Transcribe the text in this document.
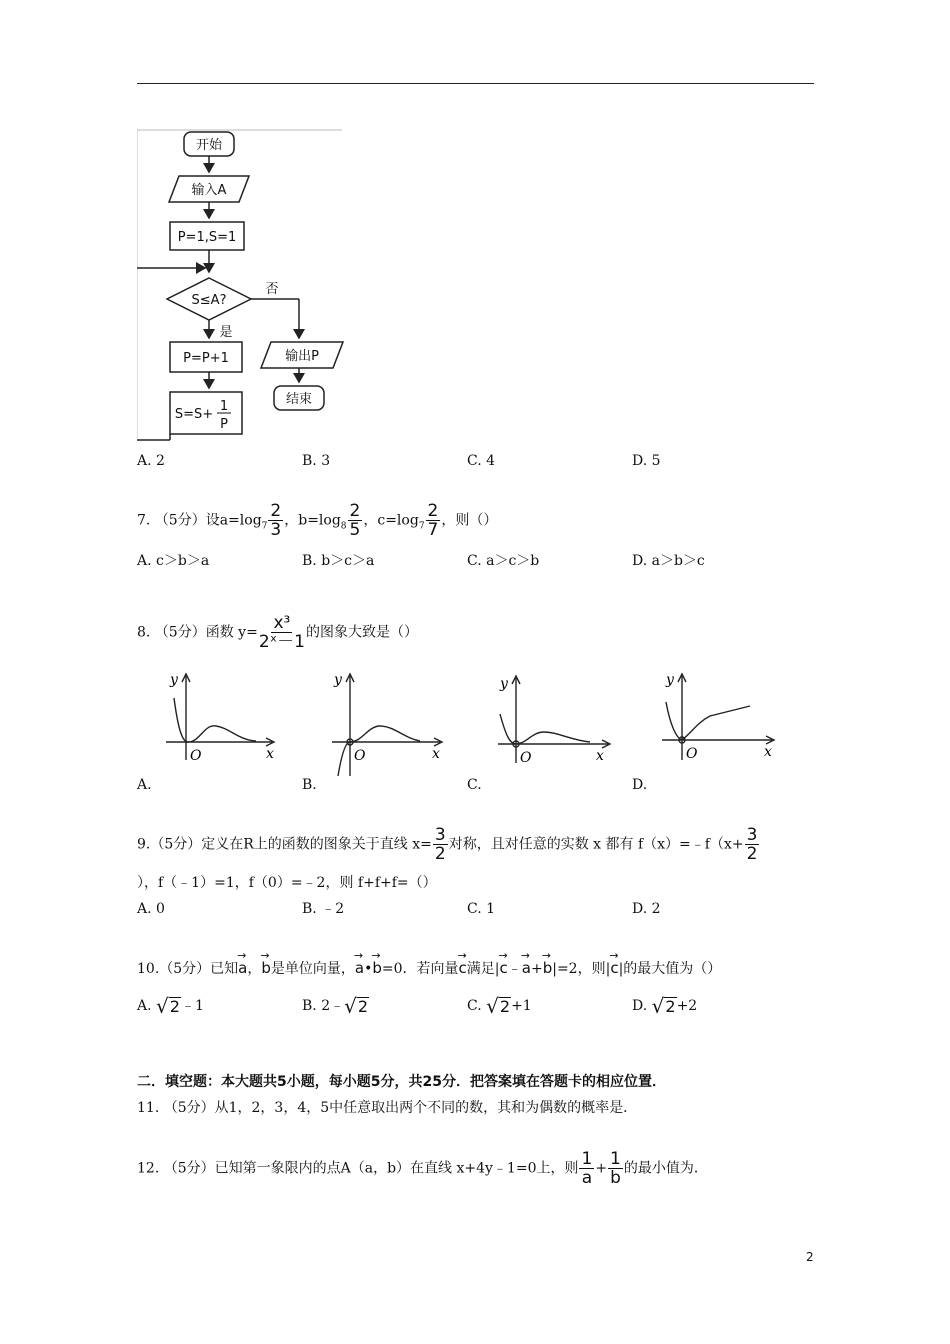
开始
输入A
P=1,S=1
S≤A?
否
是
P=P+1
S=S+
1
P
输出P
结束
A. 2	B. 3	C. 4	D. 5
7. （5分）设$a=\log_7 \frac{2}{3}$ ，$b=\log_8 \frac{2}{5}$ ，$c=\log_7 \frac{2}{7}$ ，则（）
A. c＞b＞a	B. b＞c＞a	C. a＞c＞b	D. a＞b＞c
8. （5分）函数 $y= \frac{\text{x³}}{\text{2ˣ－1}}$ 的图象大致是（）
y
x
O
y
x
O
y
x
O
y
x
O
A.	B.	C.	D.
9.（5分）定义在R上的函数的图象关于直线 $x= \frac{3}{2}$ 对称，且对任意的实数 x 都有 f（x）=﹣f（x+ $\frac{3}{2}$
），f（﹣1）=1，f（0）=﹣2，则 f+f+f=（）
A. 0	B. ﹣2	C. 1	D. 2
10.（5分）已知→ a，→ b是单位向量，→ a•→ b=0．若向量→ c满足|→ c﹣→ a+→ b|=2，则|→ c|的最大值为（）
A. √ 2 ﹣1	B. 2﹣ √ 2	C. √ 2 +1	D. √ 2 +2
二．填空题：本大题共5小题，每小题5分，共25分．把答案填在答题卡的相应位置．
11. （5分）从1，2，3，4，5中任意取出两个不同的数，其和为偶数的概率是．
12. （5分）已知第一象限内的点A（a，b）在直线 x+4y﹣1=0上，则 $\frac{1}{a} + \frac{1}{b}$ 的最小值为．
2
